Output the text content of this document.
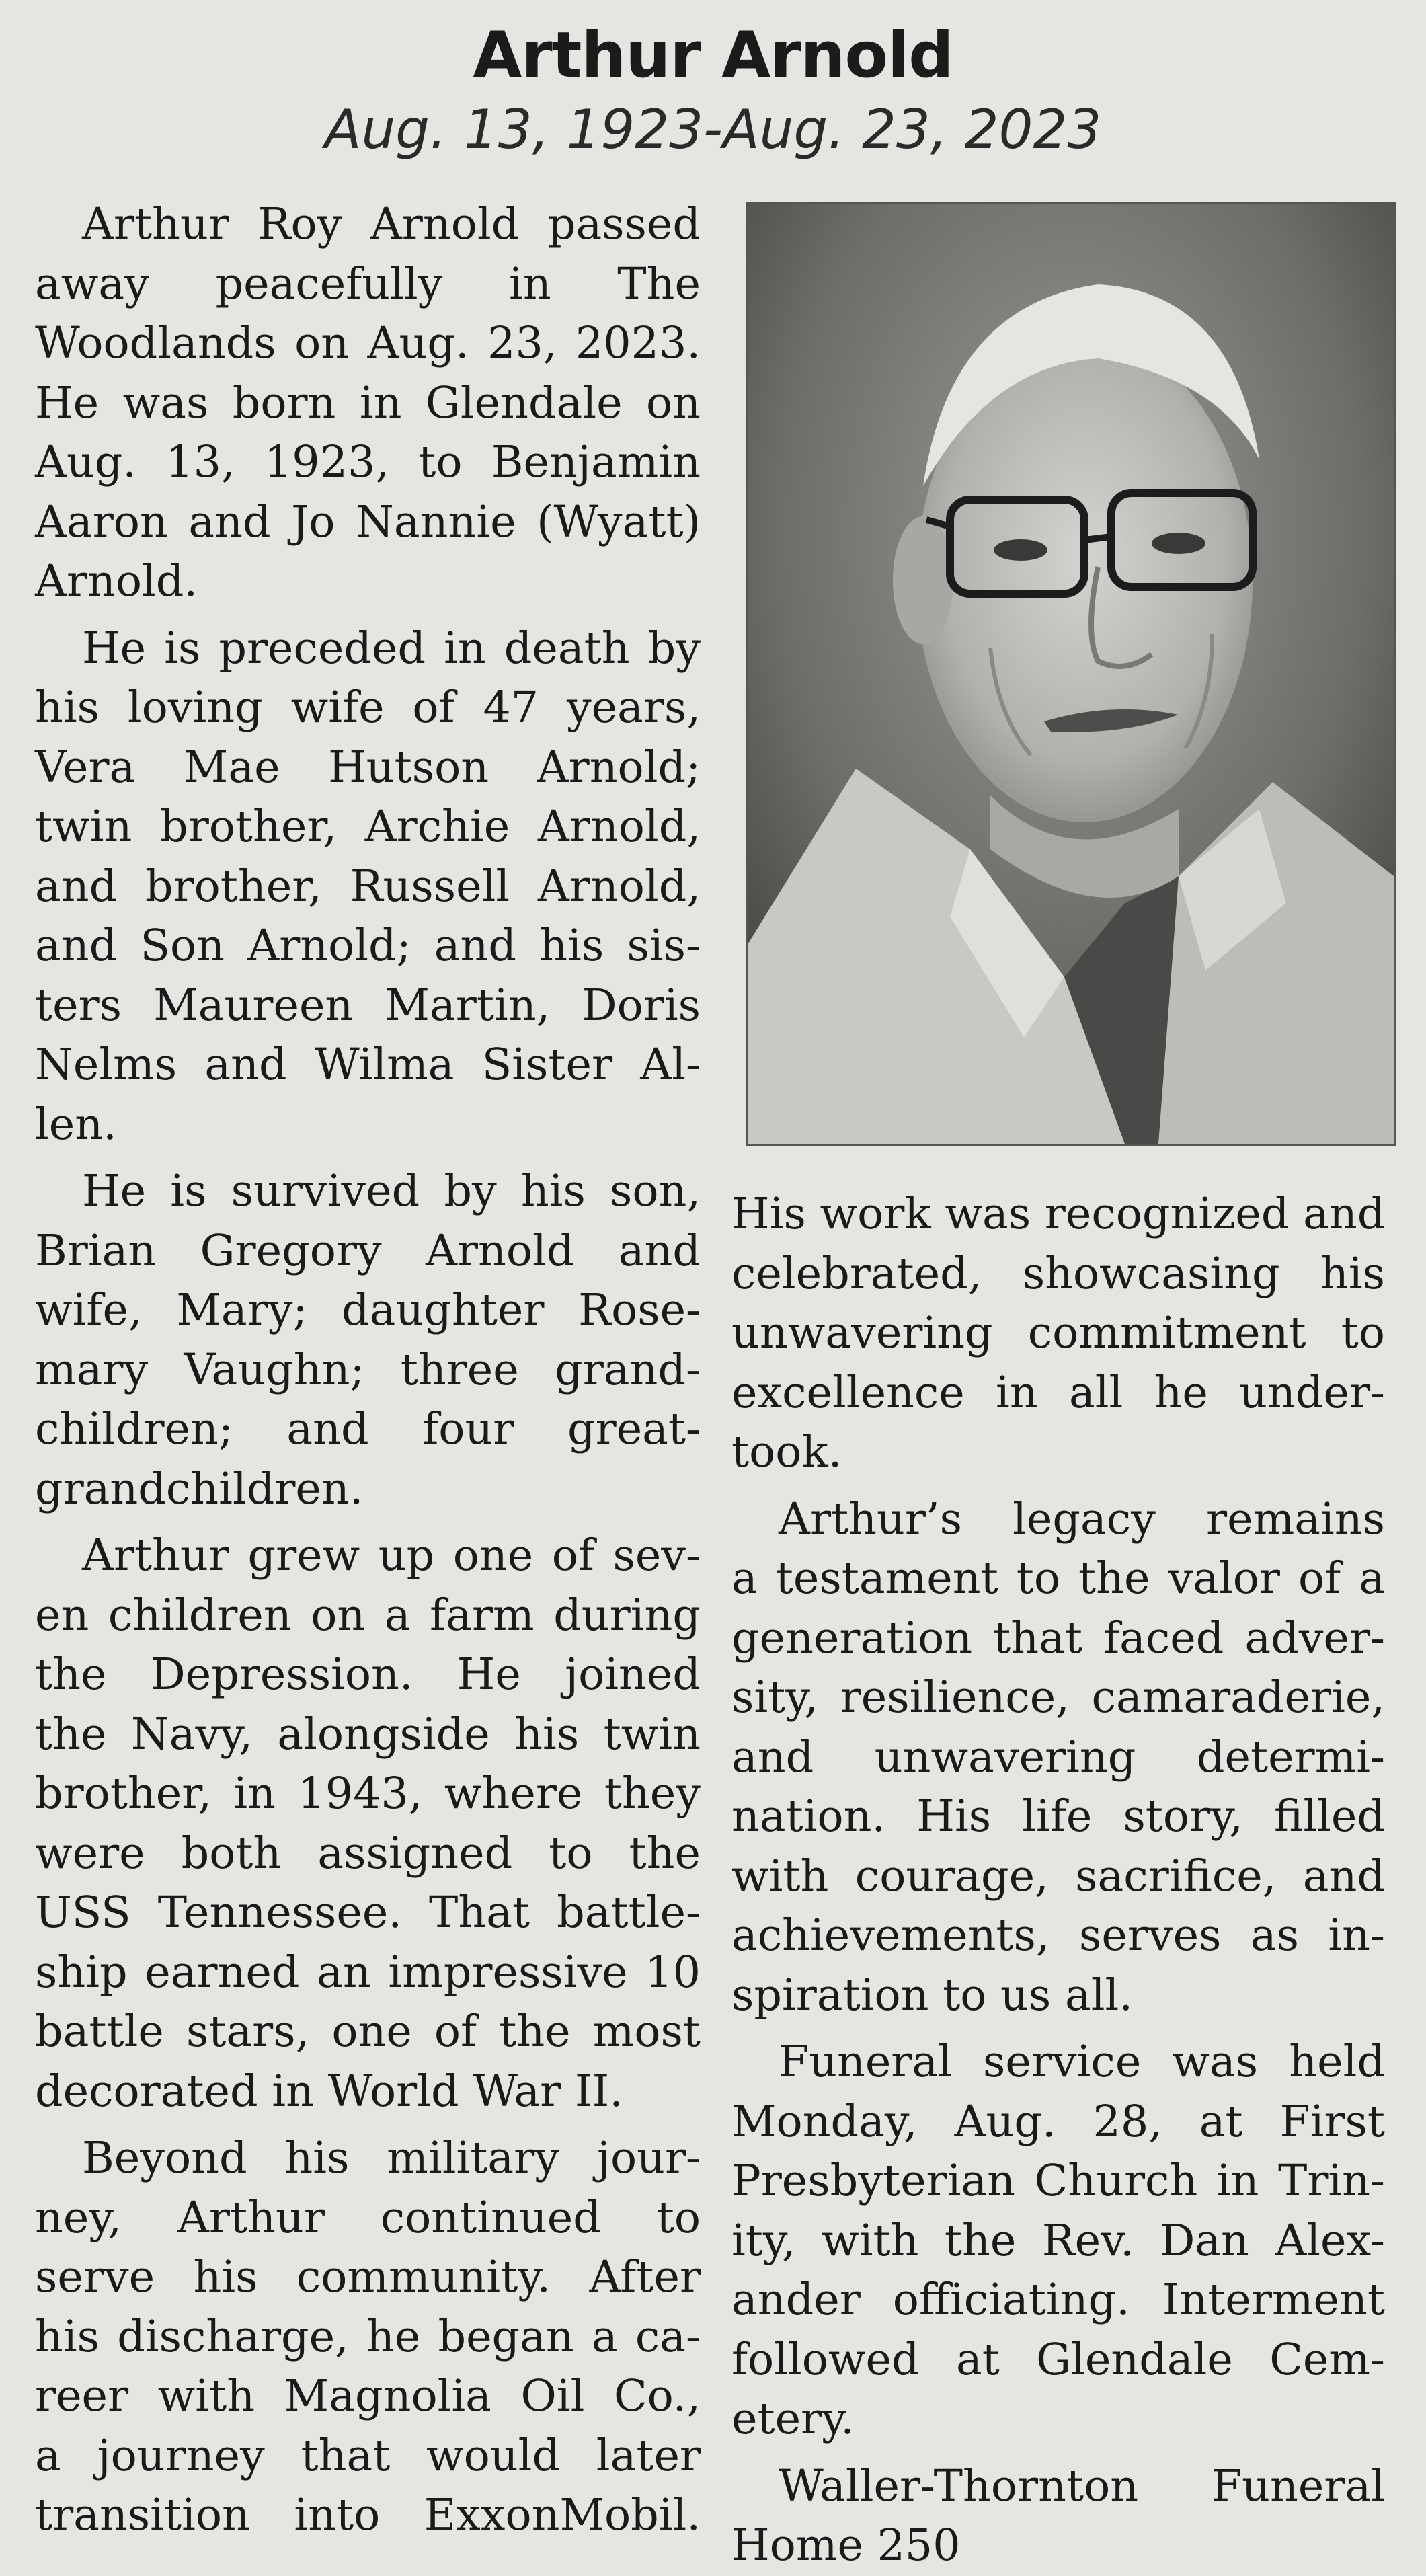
Arthur Arnold
Aug. 13, 1923-Aug. 23, 2023
Arthur Roy Arnold passed
away peacefully in The
Woodlands on Aug. 23, 2023.
He was born in Glendale on
Aug. 13, 1923, to Benjamin
Aaron and Jo Nannie (Wyatt)
Arnold.
He is preceded in death by
his loving wife of 47 years,
Vera Mae Hutson Arnold;
twin brother, Archie Arnold,
and brother, Russell Arnold,
and Son Arnold; and his sis-
ters Maureen Martin, Doris
Nelms and Wilma Sister Al-
len.
He is survived by his son,
Brian Gregory Arnold and
wife, Mary; daughter Rose-
mary Vaughn; three grand-
children; and four great-
grandchildren.
Arthur grew up one of sev-
en children on a farm during
the Depression. He joined
the Navy, alongside his twin
brother, in 1943, where they
were both assigned to the
USS Tennessee. That battle-
ship earned an impressive 10
battle stars, one of the most
decorated in World War II.
Beyond his military jour-
ney, Arthur continued to
serve his community. After
his discharge, he began a ca-
reer with Magnolia Oil Co.,
a journey that would later
transition into ExxonMobil.
His work was recognized and
celebrated, showcasing his
unwavering commitment to
excellence in all he under-
took.
Arthur’s legacy remains
a testament to the valor of a
generation that faced adver-
sity, resilience, camaraderie,
and unwavering determi-
nation. His life story, filled
with courage, sacrifice, and
achievements, serves as in-
spiration to us all.
Funeral service was held
Monday, Aug. 28, at First
Presbyterian Church in Trin-
ity, with the Rev. Dan Alex-
ander officiating. Interment
followed at Glendale Cem-
etery.
Waller-Thornton Funeral
Home 250
